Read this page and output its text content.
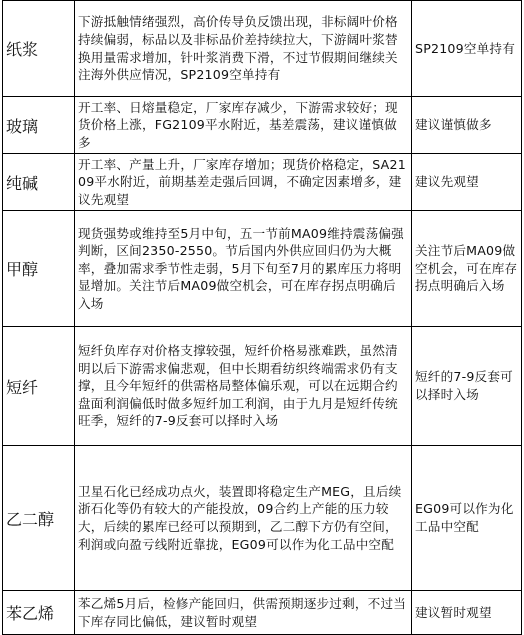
纸浆	下游抵触情绪强烈，高价传导负反馈出现，非标阔叶价格持续偏弱，标品以及非标品价差持续拉大，下游阔叶浆替换用量需求增加，针叶浆消费下滑，不过节假期间继续关注海外供应情况，SP2109空单持有	SP2109空单持有
玻璃	开工率、日熔量稳定，厂家库存减少，下游需求较好；现货价格上涨，FG2109平水附近，基差震荡，建议谨慎做多	建议谨慎做多
纯碱	开工率、产量上升，厂家库存增加；现货价格稳定，SA2109平水附近，前期基差走强后回调，不确定因素增多，建议先观望	建议先观望
甲醇	现货强势或维持至5月中旬，五一节前MA09维持震荡偏强判断，区间2350-2550。节后国内外供应回归仍为大概率，叠加需求季节性走弱，5月下旬至7月的累库压力将明显增加。关注节后MA09做空机会，可在库存拐点明确后入场	关注节后MA09做空机会，可在库存拐点明确后入场
短纤	短纤负库存对价格支撑较强，短纤价格易涨难跌，虽然清明以后下游需求偏悲观，但中长期看纺织终端需求仍有支撑，且今年短纤的供需格局整体偏乐观，可以在远期合约盘面利润偏低时做多短纤加工利润，由于九月是短纤传统旺季，短纤的7-9反套可以择时入场	短纤的7-9反套可以择时入场
乙二醇	卫星石化已经成功点火，装置即将稳定生产MEG，且后续浙石化等仍有较大的产能投放，09合约上产能的压力较大，后续的累库已经可以预期到，乙二醇下方仍有空间，利润或向盈亏线附近靠拢，EG09可以作为化工品中空配	EG09可以作为化工品中空配
苯乙烯	苯乙烯5月后，检修产能回归，供需预期逐步过剩，不过当下库存同比偏低，建议暂时观望	建议暂时观望
